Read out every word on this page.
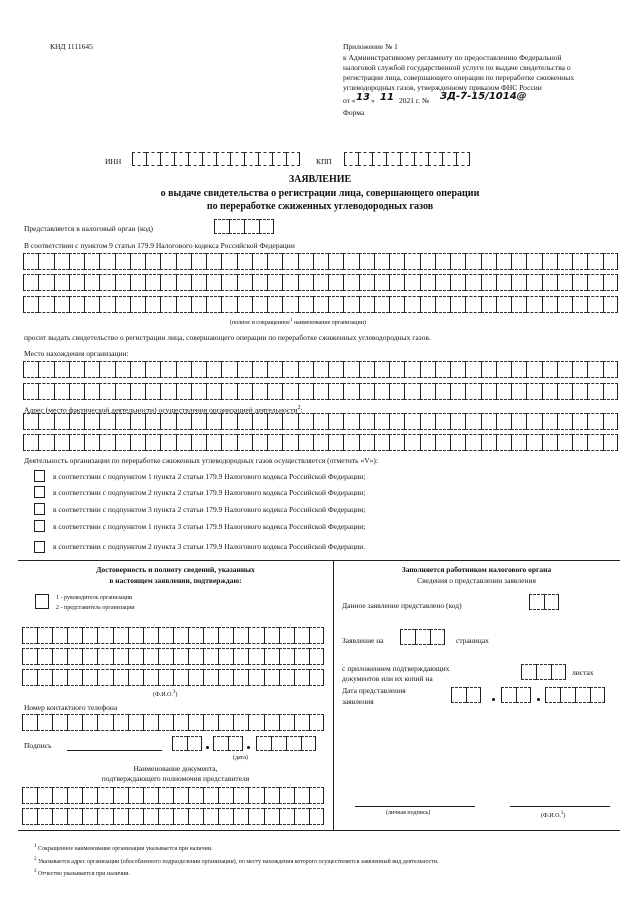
КНД 1111645	Приложение № 1
к Административному регламенту по предоставлению Федеральной
налоговой службой государственной услуги по выдаче свидетельства о
регистрации лица, совершающего операции по переработке сжиженных
углеводородных газов, утвержденному приказом ФНС России
от « 13 » 11 2021 г. № ЗД-7-15/1014@
Форма
ИНН	КПП
ЗАЯВЛЕНИЕ
о выдаче свидетельства о регистрации лица, совершающего операции
по переработке сжиженных углеводородных газов
Представляется в налоговый орган (код)
В соответствии с пунктом 9 статьи 179.9 Налогового кодекса Российской Федерации
(полное и сокращенное$^1$ наименование организации)
просит выдать свидетельство о регистрации лица, совершающего операции по переработке сжиженных углеводородных газов.
Место нахождения организации:
Адрес (место фактической деятельности) осуществления организацией деятельности$^2$:
Деятельность организации по переработке сжиженных углеводородных газов осуществляется (отметить «V»):
в соответствии с подпунктом 1 пункта 2 статьи 179.9 Налогового кодекса Российской Федерации;
в соответствии с подпунктом 2 пункта 2 статьи 179.9 Налогового кодекса Российской Федерации;
в соответствии с подпунктом 3 пункта 2 статьи 179.9 Налогового кодекса Российской Федерации;
в соответствии с подпунктом 1 пункта 3 статьи 179.9 Налогового кодекса Российской Федерации;
в соответствии с подпунктом 2 пункта 3 статьи 179.9 Налогового кодекса Российской Федерации.
Достоверность и полноту сведений, указанных
в настоящем заявлении, подтверждаю:
1 - руководитель организации
2 - представитель организации
(Ф.И.О.$^3$)
Номер контактного телефона
Подпись
(дата)
Наименование документа,
подтверждающего полномочия представителя
Заполняется работником налогового органа
Сведения о представлении заявления
Данное заявление представлено (код)
Заявление на	страницах
с приложением подтверждающих
документов или их копий на
листах
Дата представления
заявления
(личная подпись)	(Ф.И.О.$^3$)
$^1$ Сокращенное наименование организации указывается при наличии.
$^2$ Указывается адрес организации (обособленного подразделения организации), по месту нахождения которого осуществляется заявленный вид деятельности.
$^3$ Отчество указывается при наличии.
